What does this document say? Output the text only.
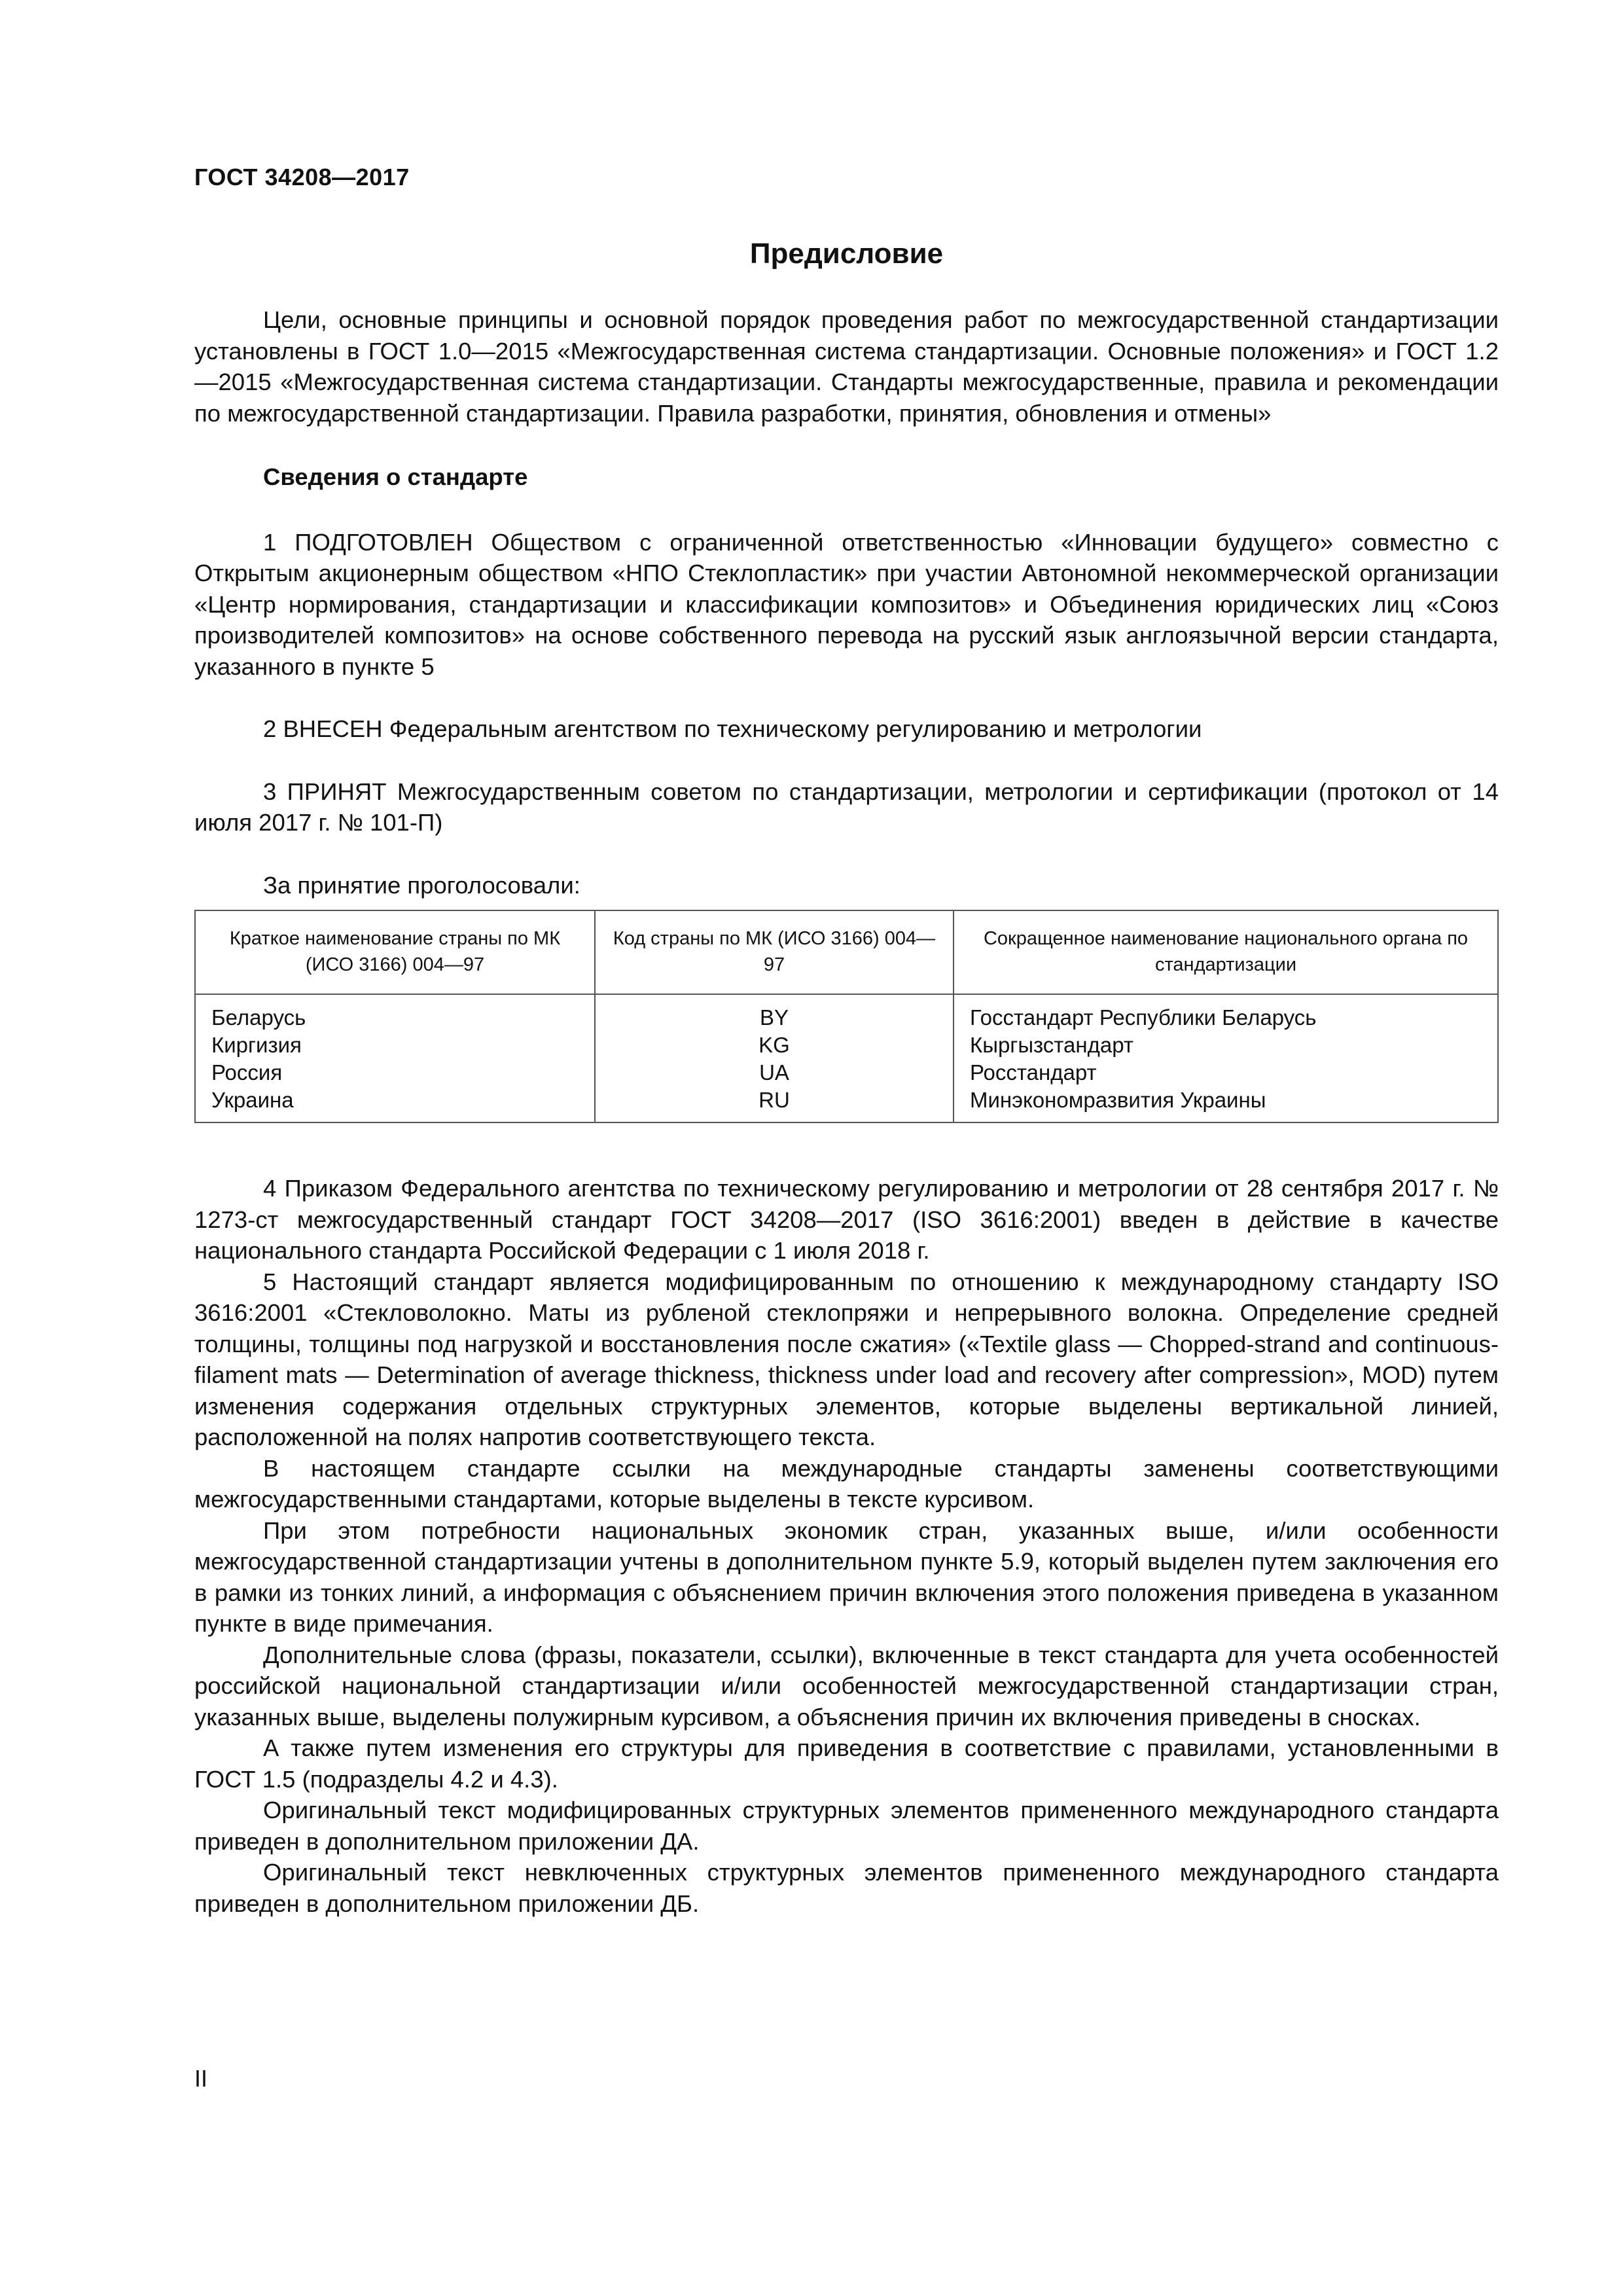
ГОСТ 34208—2017
Предисловие

Цели, основные принципы и основной порядок проведения работ по межгосударственной стандартизации установлены в ГОСТ 1.0—2015 «Межгосударственная система стандартизации. Основные положения» и ГОСТ 1.2—2015 «Межгосударственная система стандартизации. Стандарты межгосударственные, правила и рекомендации по межгосударственной стандартизации. Правила разработки, принятия, обновления и отмены»

Сведения о стандарте

1 ПОДГОТОВЛЕН Обществом с ограниченной ответственностью «Инновации будущего» совместно с Открытым акционерным обществом «НПО Стеклопластик» при участии Автономной некоммерческой организации «Центр нормирования, стандартизации и классификации композитов» и Объединения юридических лиц «Союз производителей композитов» на основе собственного перевода на русский язык англоязычной версии стандарта, указанного в пункте 5

2 ВНЕСЕН Федеральным агентством по техническому регулированию и метрологии

3 ПРИНЯТ Межгосударственным советом по стандартизации, метрологии и сертификации (протокол от 14 июля 2017 г. № 101-П)

За принятие проголосовали:
Краткое наименование страны по МК (ИСО 3166) 004—97	Код страны по МК (ИСО 3166) 004—97	Сокращенное наименование национального органа по стандартизации
Беларусь	BY	Госстандарт Республики Беларусь
Киргизия	KG	Кыргызстандарт
Россия	UA	Росстандарт
Украина	RU	Минэкономразвития Украины

4 Приказом Федерального агентства по техническому регулированию и метрологии от 28 сентября 2017 г. № 1273-ст межгосударственный стандарт ГОСТ 34208—2017 (ISO 3616:2001) введен в действие в качестве национального стандарта Российской Федерации с 1 июля 2018 г.

5 Настоящий стандарт является модифицированным по отношению к международному стандарту ISO 3616:2001 «Стекловолокно. Маты из рубленой стеклопряжи и непрерывного волокна. Определение средней толщины, толщины под нагрузкой и восстановления после сжатия» («Textile glass — Chopped-strand and continuous-filament mats — Determination of average thickness, thickness under load and recovery after compression», MOD) путем изменения содержания отдельных структурных элементов, которые выделены вертикальной линией, расположенной на полях напротив соответствующего текста.

В настоящем стандарте ссылки на международные стандарты заменены соответствующими межгосударственными стандартами, которые выделены в тексте курсивом.

При этом потребности национальных экономик стран, указанных выше, и/или особенности межгосударственной стандартизации учтены в дополнительном пункте 5.9, который выделен путем заключения его в рамки из тонких линий, а информация с объяснением причин включения этого положения приведена в указанном пункте в виде примечания.

Дополнительные слова (фразы, показатели, ссылки), включенные в текст стандарта для учета особенностей российской национальной стандартизации и/или особенностей межгосударственной стандартизации стран, указанных выше, выделены полужирным курсивом, а объяснения причин их включения приведены в сносках.

А также путем изменения его структуры для приведения в соответствие с правилами, установленными в ГОСТ 1.5 (подразделы 4.2 и 4.3).

Оригинальный текст модифицированных структурных элементов примененного международного стандарта приведен в дополнительном приложении ДА.

Оригинальный текст невключенных структурных элементов примененного международного стандарта приведен в дополнительном приложении ДБ.

II
